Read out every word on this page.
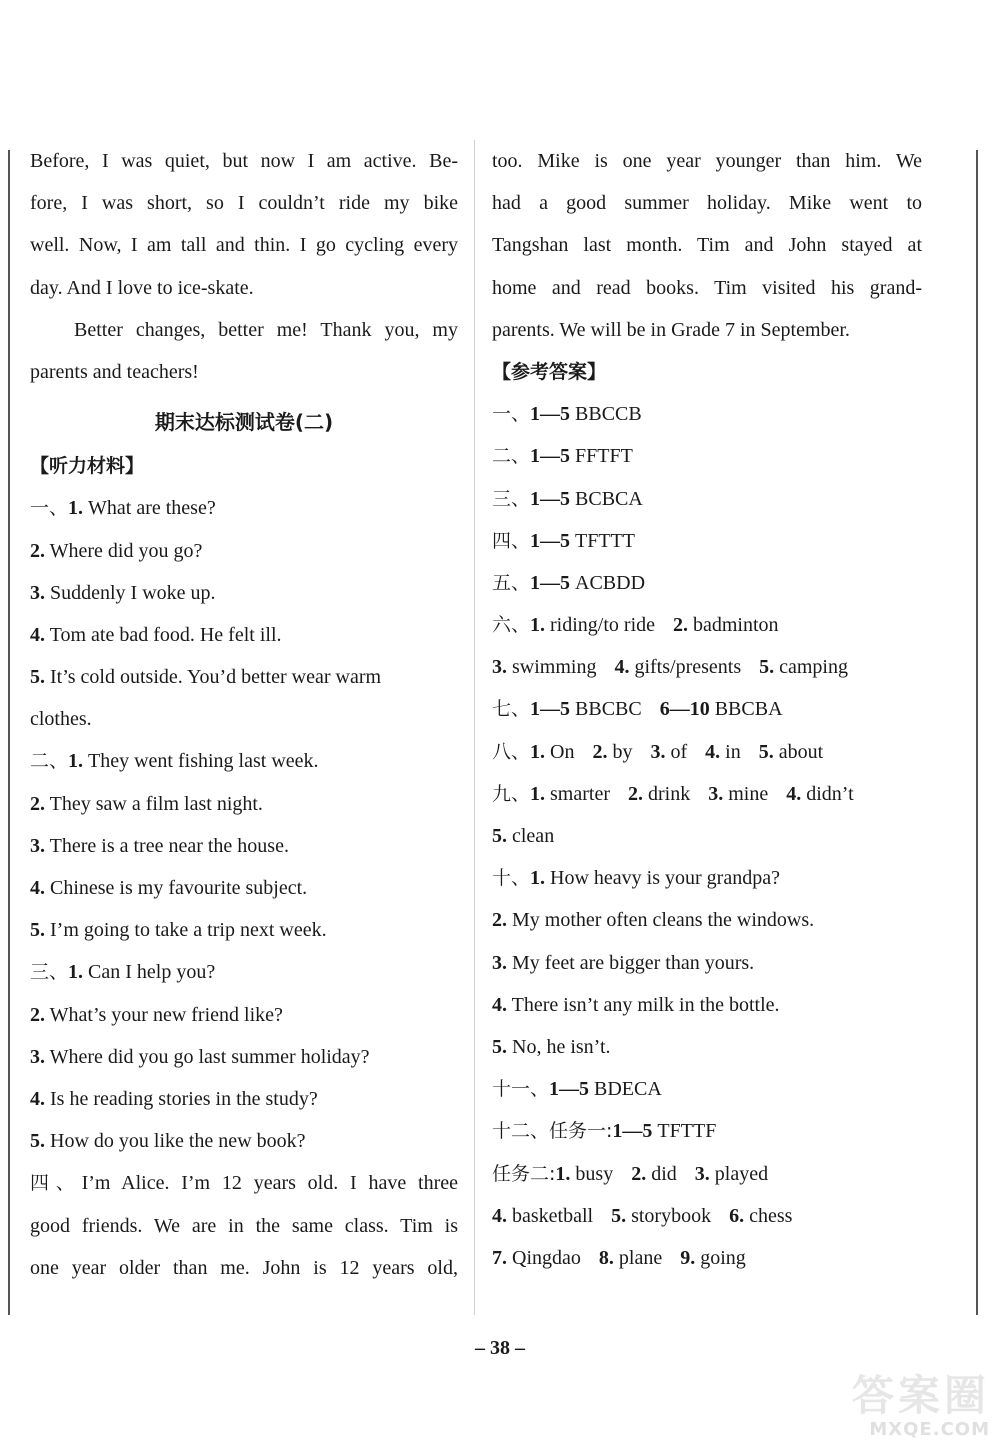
Before, I was quiet, but now I am active. Be-
fore, I was short, so I couldn’t ride my bike
well. Now, I am tall and thin. I go cycling every
day. And I love to ice-skate.
Better changes, better me! Thank you, my
parents and teachers!
期末达标测试卷(二)
【听力材料】
一、1. What are these?
2. Where did you go?
3. Suddenly I woke up.
4. Tom ate bad food. He felt ill.
5. It’s cold outside. You’d better wear warm
clothes.
二、1. They went fishing last week.
2. They saw a film last night.
3. There is a tree near the house.
4. Chinese is my favourite subject.
5. I’m going to take a trip next week.
三、1. Can I help you?
2. What’s your new friend like?
3. Where did you go last summer holiday?
4. Is he reading stories in the study?
5. How do you like the new book?
四、I’m Alice. I’m 12 years old. I have three
good friends. We are in the same class. Tim is
one year older than me. John is 12 years old,
too. Mike is one year younger than him. We
had a good summer holiday. Mike went to
Tangshan last month. Tim and John stayed at
home and read books. Tim visited his grand-
parents. We will be in Grade 7 in September.
【参考答案】
一、1—5 BBCCB
二、1—5 FFTFT
三、1—5 BCBCA
四、1—5 TFTTT
五、1—5 ACBDD
六、1. riding/to ride 2. badminton
3. swimming 4. gifts/presents 5. camping
七、1—5 BBCBC 6—10 BBCBA
八、1. On 2. by 3. of 4. in 5. about
九、1. smarter 2. drink 3. mine 4. didn’t
5. clean
十、1. How heavy is your grandpa?
2. My mother often cleans the windows.
3. My feet are bigger than yours.
4. There isn’t any milk in the bottle.
5. No, he isn’t.
十一、1—5 BDECA
十二、任务一:1—5 TFTTF
任务二:1. busy 2. did 3. played
4. basketball 5. storybook 6. chess
7. Qingdao 8. plane 9. going
– 38 –
答案圈
MXQE.COM
